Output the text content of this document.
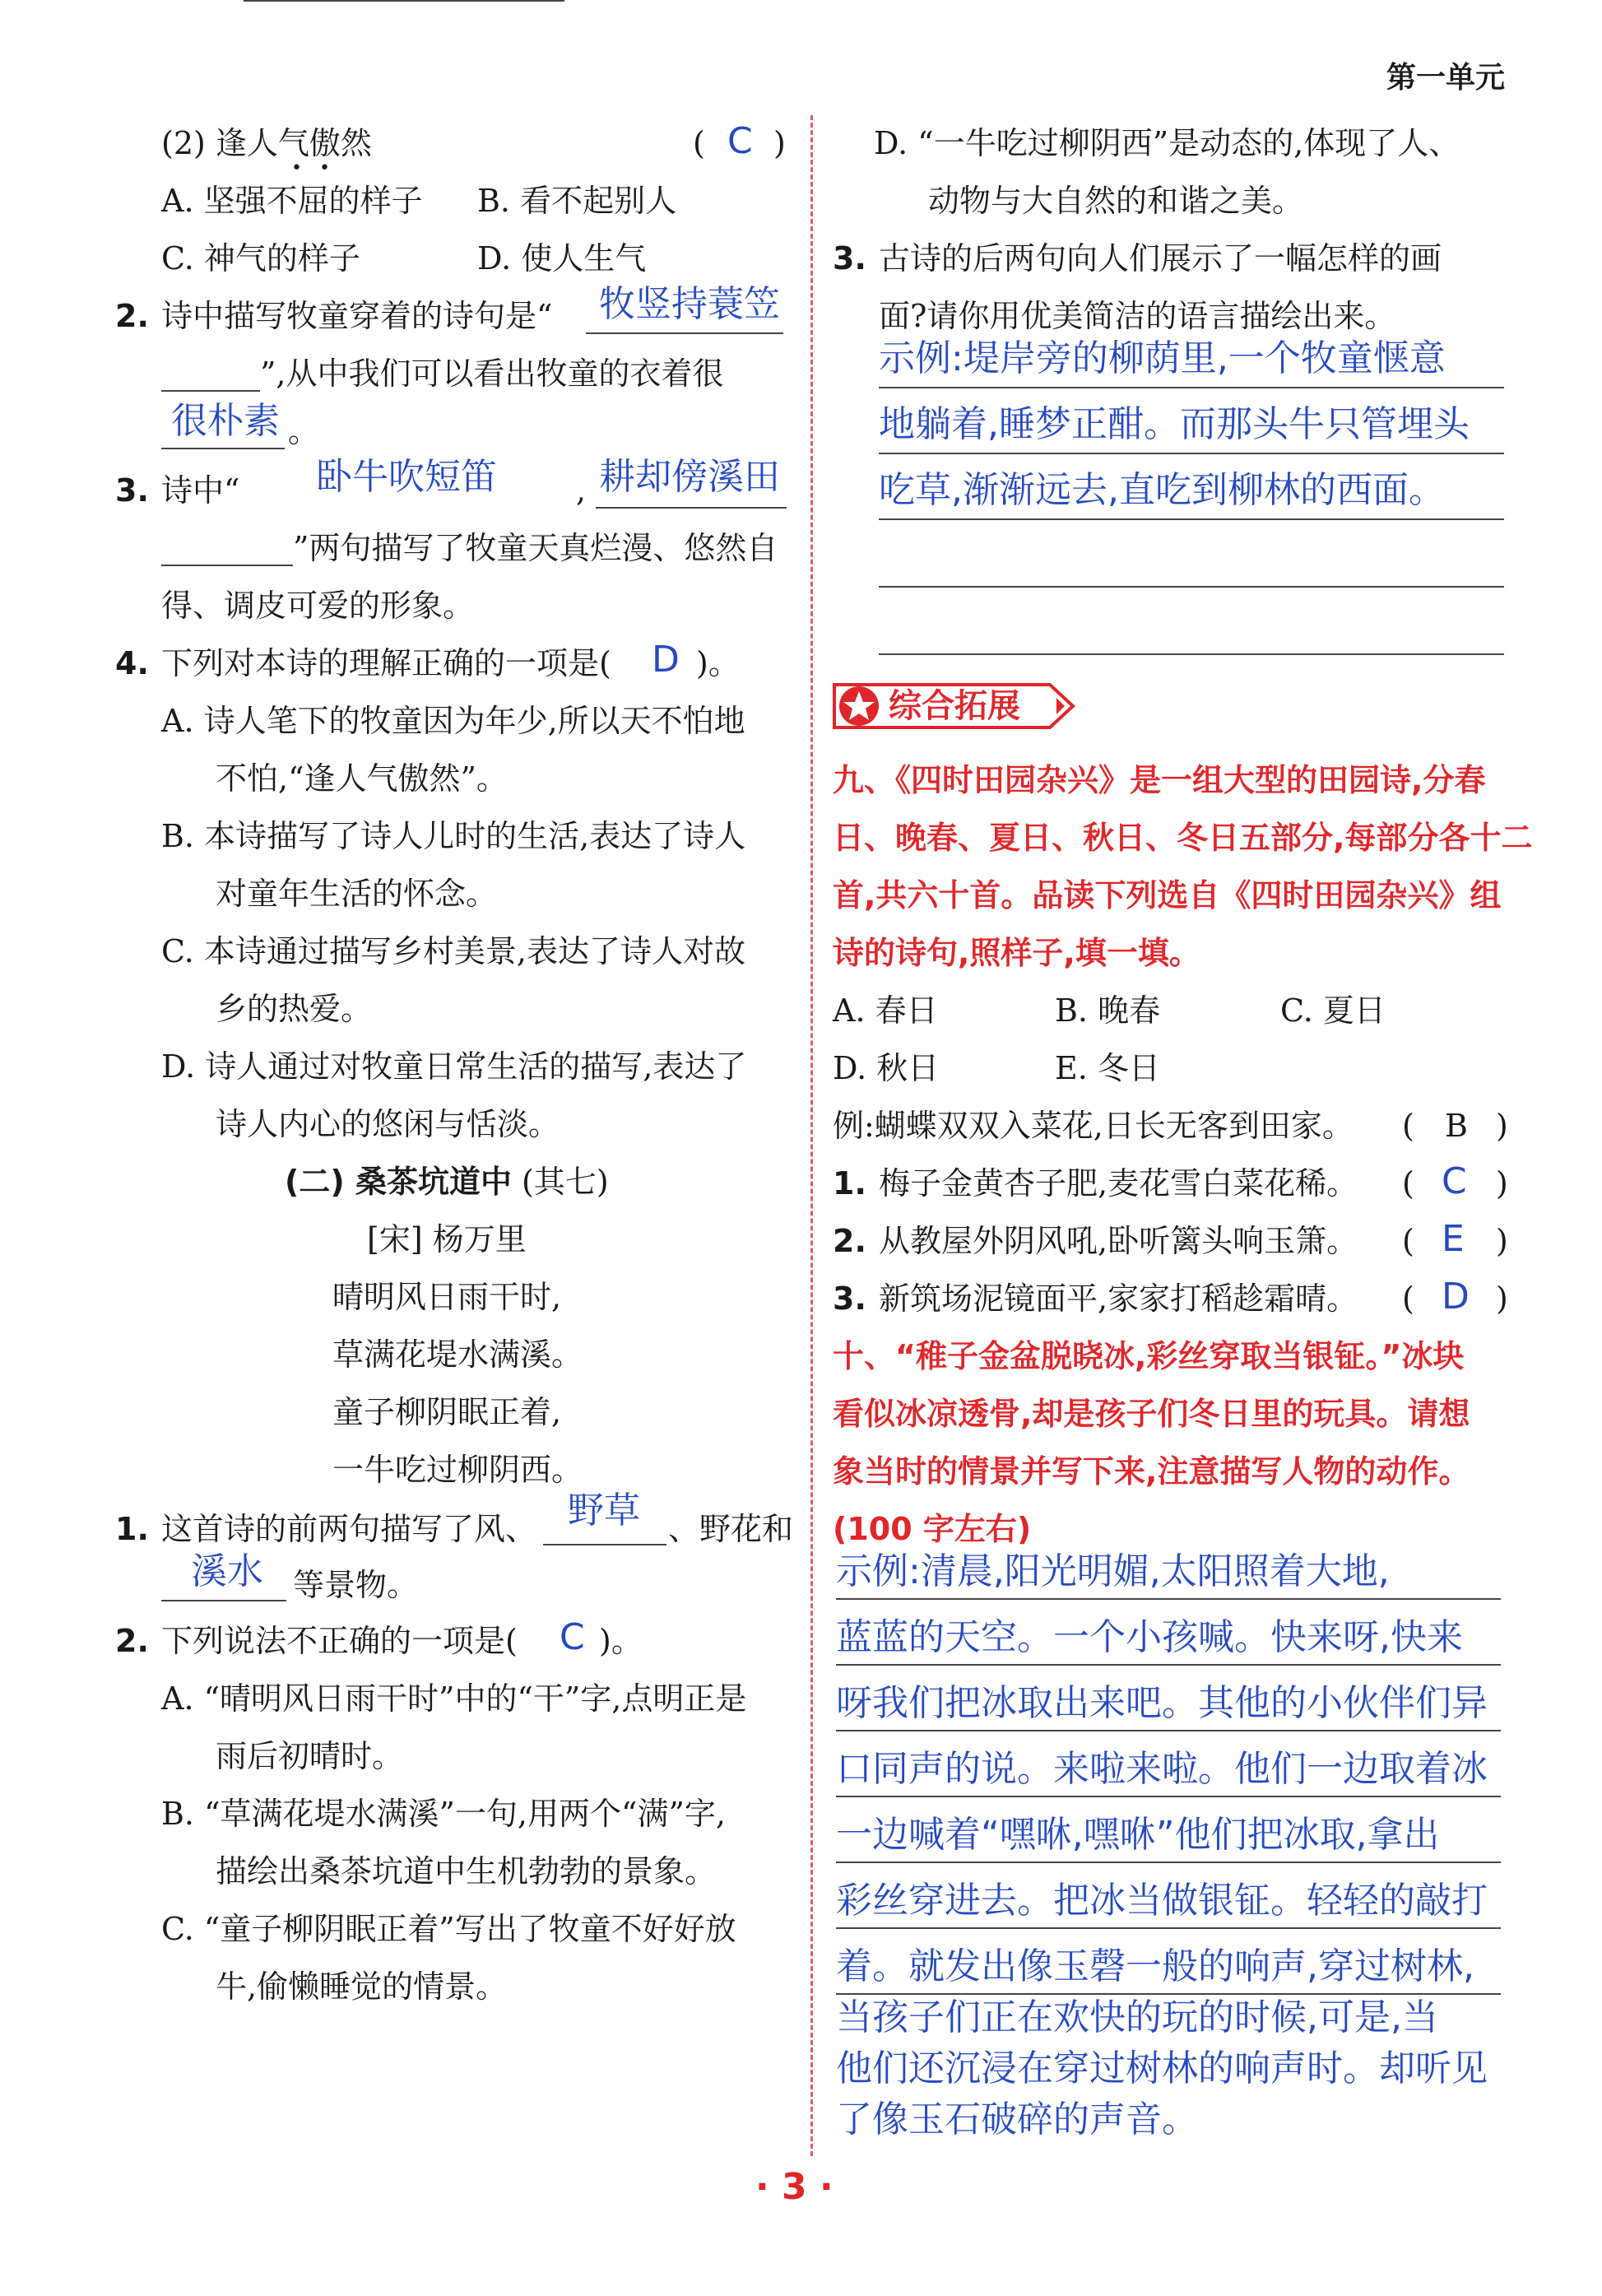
第一单元
(2) 逢人气傲然
•   •
( C )
A. 坚强不屈的样子 B. 看不起别人
C. 神气的样子	D. 使人生气
2. 诗中描写牧童穿着的诗句是“ 牧竖持蓑笠
”,从中我们可以看出牧童的衣着很
很朴素 。
3. 诗中“ 卧牛吹短笛	, 耕却傍溪田
”两句描写了牧童天真烂漫、悠然自
得、调皮可爱的形象。
4. 下列对本诗的理解正确的一项是( D )。
A. 诗人笔下的牧童因为年少,所以天不怕地
不怕,“逢人气傲然”。
B. 本诗描写了诗人儿时的生活,表达了诗人
对童年生活的怀念。
C. 本诗通过描写乡村美景,表达了诗人对故
乡的热爱。
D. 诗人通过对牧童日常生活的描写,表达了
诗人内心的悠闲与恬淡。
(二) 桑茶坑道中 (其七)
[宋] 杨万里
晴明风日雨干时,
草满花堤水满溪。
童子柳阴眠正着,
一牛吃过柳阴西。
1. 这首诗的前两句描写了风、 野草 、野花和
溪水 等景物。
2. 下列说法不正确的一项是( C )。
A. “晴明风日雨干时”中的“干”字,点明正是
雨后初晴时。
B. “草满花堤水满溪”一句,用两个“满”字,
描绘出桑茶坑道中生机勃勃的景象。
C. “童子柳阴眠正着”写出了牧童不好好放
牛,偷懒睡觉的情景。
D. “一牛吃过柳阴西”是动态的,体现了人、
动物与大自然的和谐之美。
3. 古诗的后两句向人们展示了一幅怎样的画
面?请你用优美简洁的语言描绘出来。
示例:堤岸旁的柳荫里,一个牧童惬意
地躺着,睡梦正酣。而那头牛只管埋头
吃草,渐渐远去,直吃到柳林的西面。
综合拓展
九、《四时田园杂兴》是一组大型的田园诗,分春
日、晚春、夏日、秋日、冬日五部分,每部分各十二
首,共六十首。品读下列选自《四时田园杂兴》组
诗的诗句,照样子,填一填。
A. 春日	B. 晚春	C. 夏日
D. 秋日	E. 冬日
例:蝴蝶双双入菜花,日长无客到田家。 ( B )
1. 梅子金黄杏子肥,麦花雪白菜花稀。 ( C )
2. 从教屋外阴风吼,卧听篱头响玉箫。 ( E )
3. 新筑场泥镜面平,家家打稻趁霜晴。 ( D )
十、“稚子金盆脱晓冰,彩丝穿取当银钲。”冰块
看似冰凉透骨,却是孩子们冬日里的玩具。请想
象当时的情景并写下来,注意描写人物的动作。
(100 字左右)
示例:清晨,阳光明媚,太阳照着大地,
蓝蓝的天空。一个小孩喊。快来呀,快来
呀我们把冰取出来吧。其他的小伙伴们异
口同声的说。来啦来啦。他们一边取着冰
一边喊着“嘿咻,嘿咻”他们把冰取,拿出
彩丝穿进去。把冰当做银钲。轻轻的敲打
着。就发出像玉磬一般的响声,穿过树林,
当孩子们正在欢快的玩的时候,可是,当
他们还沉浸在穿过树林的响声时。却听见
了像玉石破碎的声音。
· 3 ·
